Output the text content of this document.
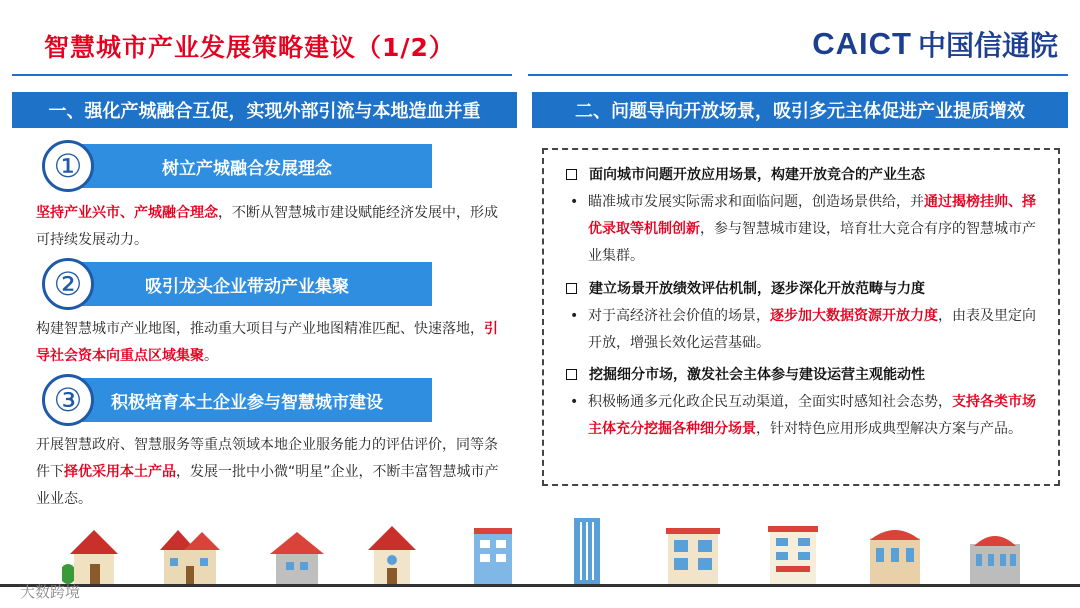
智慧城市产业发展策略建议（1/2）	CAICT 中国信通院
一、强化产城融合互促，实现外部引流与本地造血并重
树立产城融合发展理念
①
坚持产业兴市、产城融合理念，不断从智慧城市建设赋能经济发展中，形成可持续发展动力。
吸引龙头企业带动产业集聚
②
构建智慧城市产业地图，推动重大项目与产业地图精准匹配、快速落地，引导社会资本向重点区域集聚。
积极培育本土企业参与智慧城市建设
③
开展智慧政府、智慧服务等重点领域本地企业服务能力的评估评价，同等条件下择优采用本土产品，发展一批中小微“明星”企业，不断丰富智慧城市产业业态。
二、问题导向开放场景，吸引多元主体促进产业提质增效
面向城市问题开放应用场景，构建开放竞合的产业生态
• 瞄准城市发展实际需求和面临问题，创造场景供给，并通过揭榜挂帅、择优录取等机制创新，参与智慧城市建设，培育壮大竞合有序的智慧城市产业集群。
建立场景开放绩效评估机制，逐步深化开放范畴与力度
• 对于高经济社会价值的场景，逐步加大数据资源开放力度，由表及里定向开放，增强长效化运营基础。
挖掘细分市场，激发社会主体参与建设运营主观能动性
• 积极畅通多元化政企民互动渠道，全面实时感知社会态势，支持各类市场主体充分挖掘各种细分场景，针对特色应用形成典型解决方案与产品。
大数跨境
